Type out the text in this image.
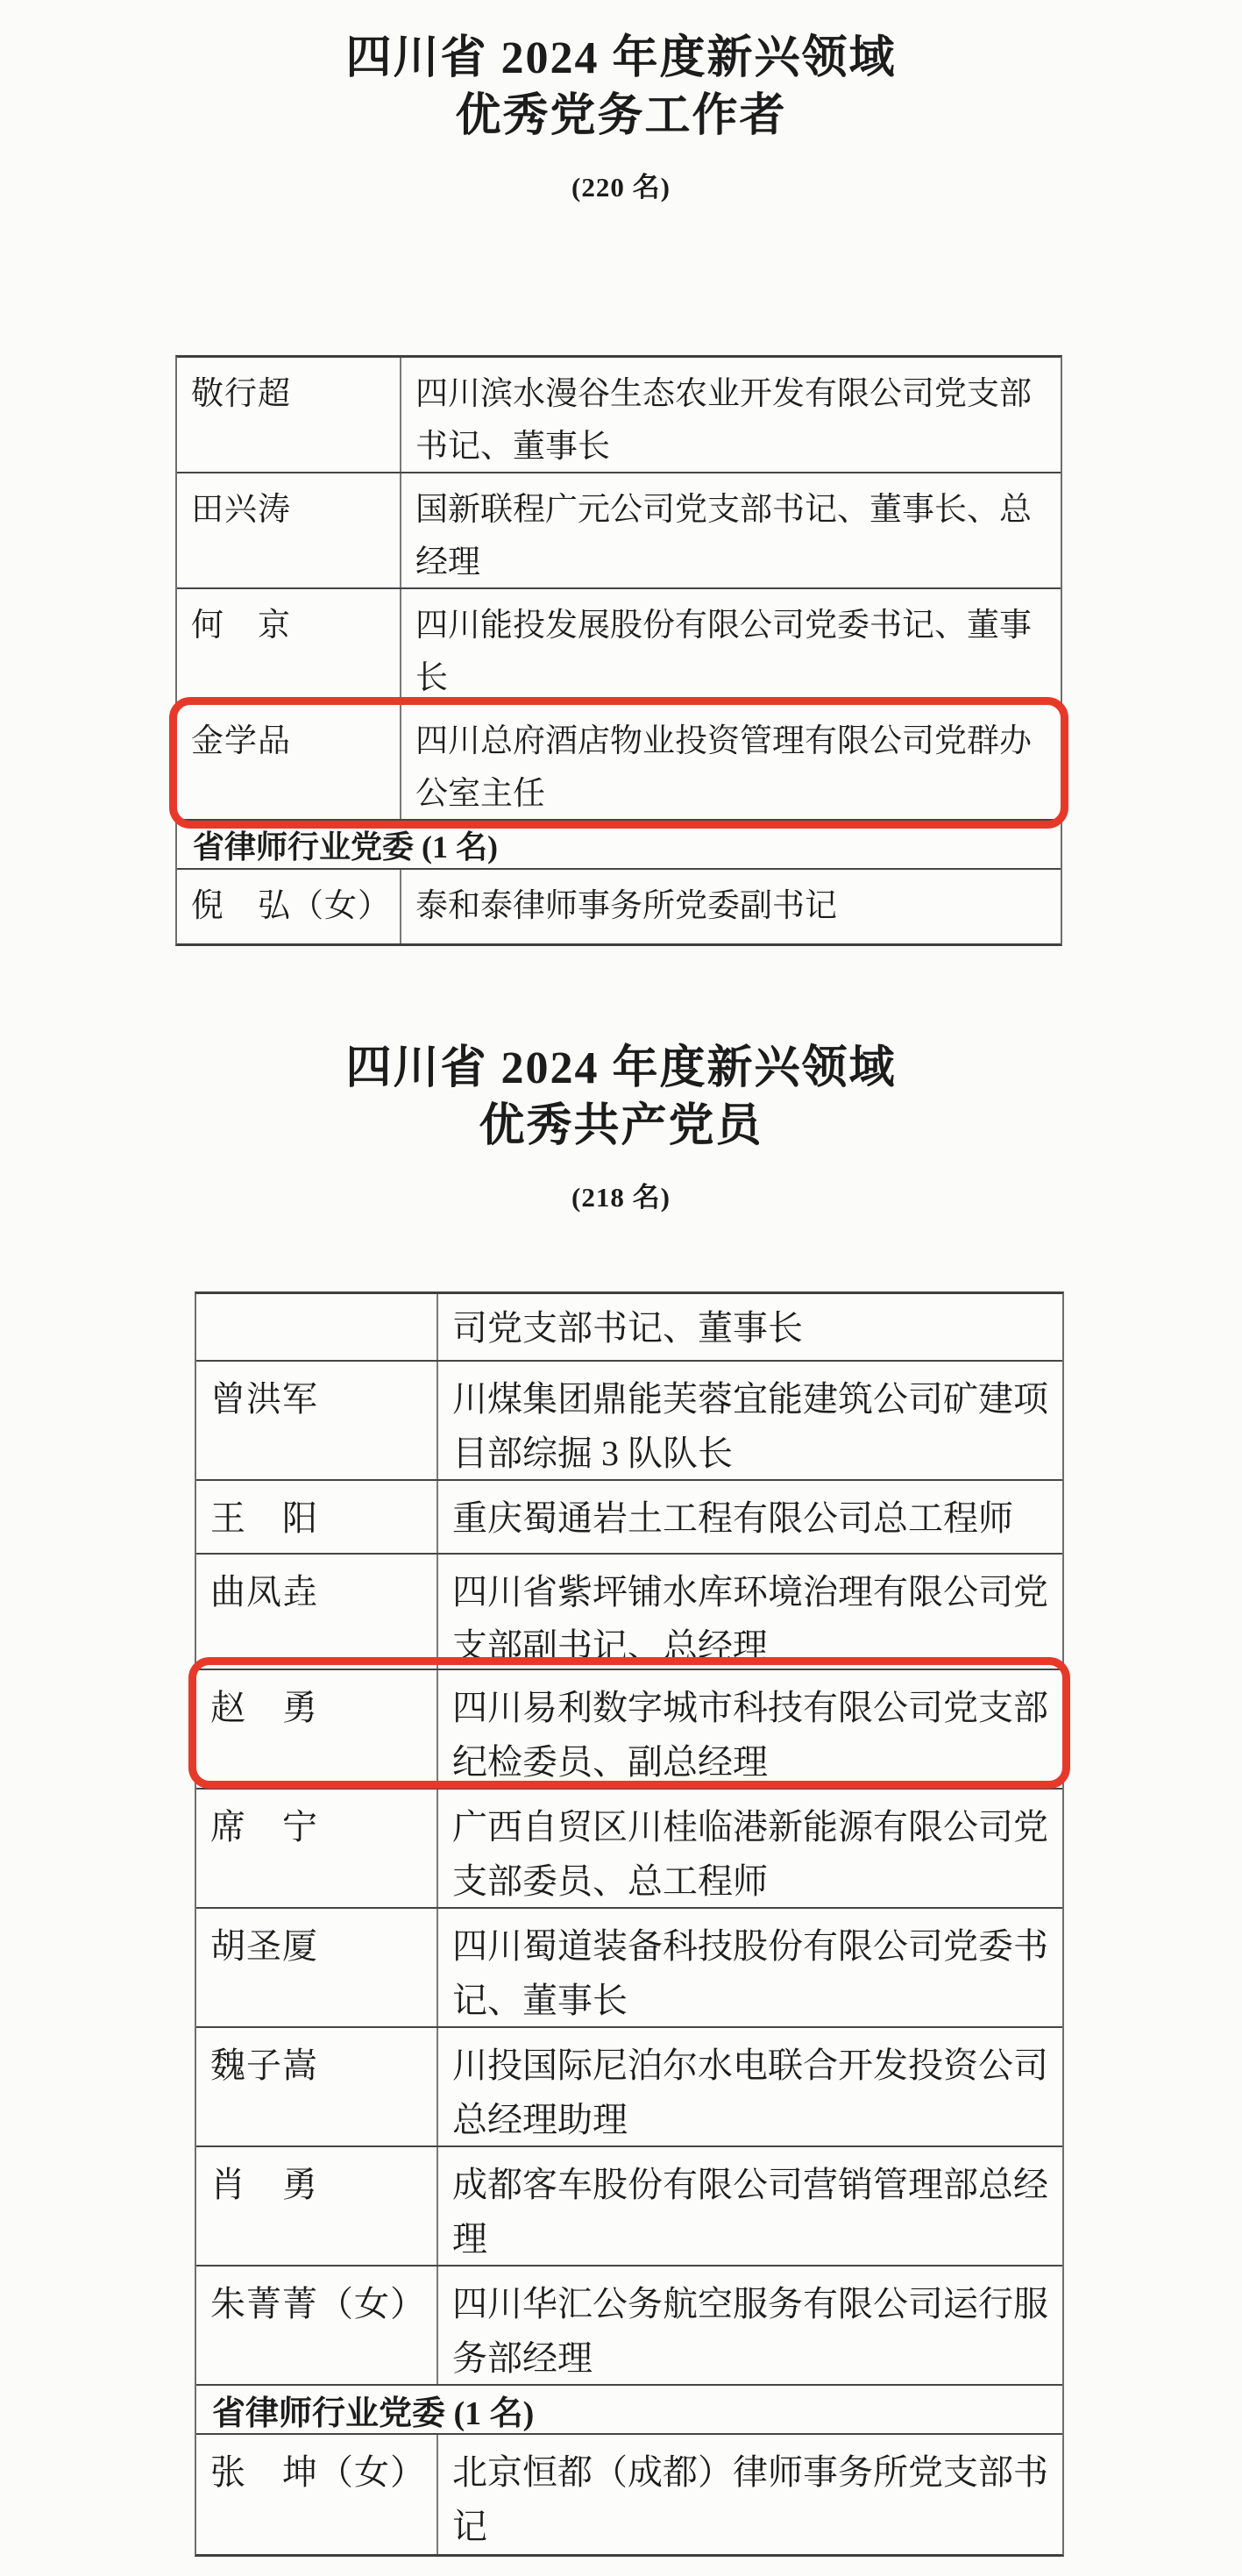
四川省 2024 年度新兴领域
优秀党务工作者
(220 名)
敬行超	四川滨水漫谷生态农业开发有限公司党支部书记、董事长
田兴涛	国新联程广元公司党支部书记、董事长、总经理
何　京	四川能投发展股份有限公司党委书记、董事长
金学品	四川总府酒店物业投资管理有限公司党群办公室主任
省律师行业党委 (1 名)
倪　弘（女） 泰和泰律师事务所党委副书记
四川省 2024 年度新兴领域
优秀共产党员
(218 名)
司党支部书记、董事长
曾洪军	川煤集团鼎能芙蓉宜能建筑公司矿建项目部综掘 3 队队长
王　阳	重庆蜀通岩土工程有限公司总工程师
曲凤垚	四川省紫坪铺水库环境治理有限公司党支部副书记、总经理
赵　勇	四川易利数字城市科技有限公司党支部纪检委员、副总经理
席　宁	广西自贸区川桂临港新能源有限公司党支部委员、总工程师
胡圣厦	四川蜀道装备科技股份有限公司党委书记、董事长
魏子嵩	川投国际尼泊尔水电联合开发投资公司总经理助理
肖　勇	成都客车股份有限公司营销管理部总经理
朱菁菁（女） 四川华汇公务航空服务有限公司运行服务部经理
省律师行业党委 (1 名)
张　坤（女） 北京恒都（成都）律师事务所党支部书记
